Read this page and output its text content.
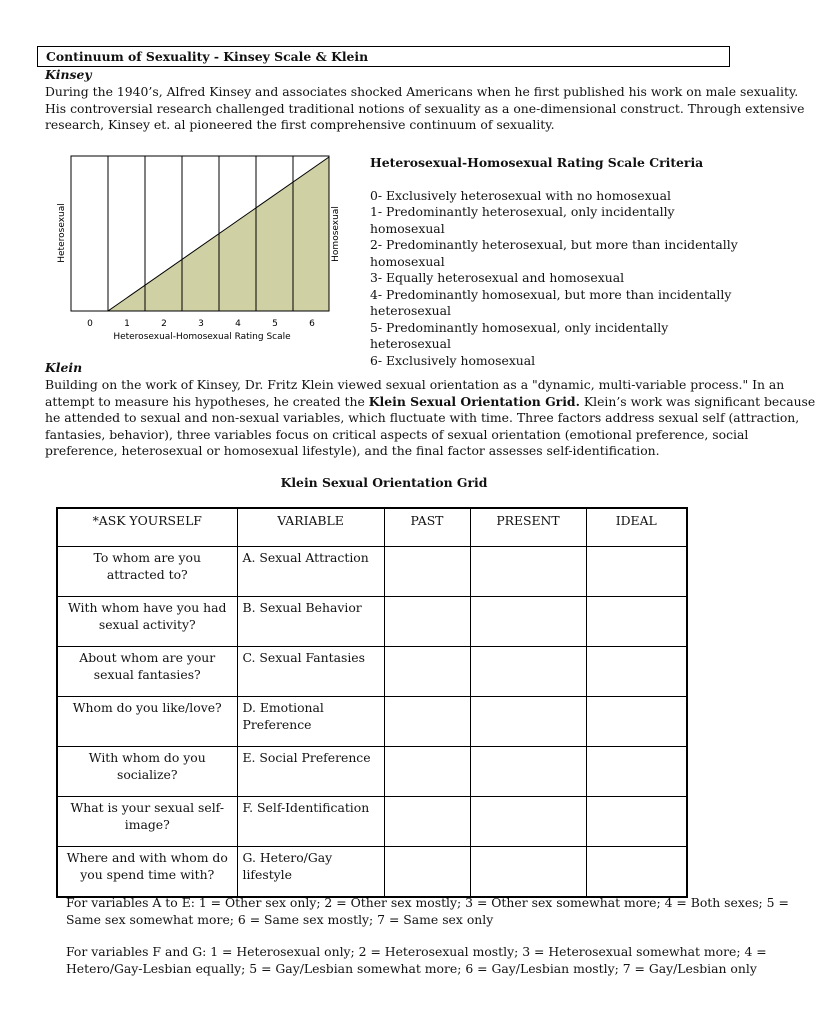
Continuum of Sexuality - Kinsey Scale & Klein
Kinsey
During the 1940’s, Alfred Kinsey and associates shocked Americans when he first published his work on male sexuality.
His controversial research challenged traditional notions of sexuality as a one-dimensional construct. Through extensive
research, Kinsey et. al pioneered the first comprehensive continuum of sexuality.
Heterosexual	Homosexual
0	1	2	3	4	5	6
Heterosexual-Homosexual Rating Scale
Heterosexual-Homosexual Rating Scale Criteria
0- Exclusively heterosexual with no homosexual
1- Predominantly heterosexual, only incidentally homosexual
2- Predominantly heterosexual, but more than incidentally
homosexual
3- Equally heterosexual and homosexual
4- Predominantly homosexual, but more than incidentally
heterosexual
5- Predominantly homosexual, only incidentally heterosexual
6- Exclusively homosexual
Klein
Building on the work of Kinsey, Dr. Fritz Klein viewed sexual orientation as a "dynamic, multi-variable process." In an
attempt to measure his hypotheses, he created the Klein Sexual Orientation Grid. Klein’s work was significant because
he attended to sexual and non-sexual variables, which fluctuate with time. Three factors address sexual self (attraction,
fantasies, behavior), three variables focus on critical aspects of sexual orientation (emotional preference, social
preference, heterosexual or homosexual lifestyle), and the final factor assesses self-identification.
Klein Sexual Orientation Grid
*ASK YOURSELF	VARIABLE	PAST	PRESENT	IDEAL
To whom are you attracted to?	A. Sexual Attraction			
With whom have you had sexual activity?	B. Sexual Behavior			
About whom are your sexual fantasies?	C. Sexual Fantasies			
Whom do you like/love?	D. Emotional Preference			
With whom do you socialize?	E. Social Preference			
What is your sexual self-image?	F. Self-Identification			
Where and with whom do you spend time with?	G. Hetero/Gay lifestyle			
For variables A to E: 1 = Other sex only; 2 = Other sex mostly; 3 = Other sex somewhat more; 4 = Both sexes; 5 =
Same sex somewhat more; 6 = Same sex mostly; 7 = Same sex only
For variables F and G: 1 = Heterosexual only; 2 = Heterosexual mostly; 3 = Heterosexual somewhat more; 4 =
Hetero/Gay-Lesbian equally; 5 = Gay/Lesbian somewhat more; 6 = Gay/Lesbian mostly; 7 = Gay/Lesbian only
